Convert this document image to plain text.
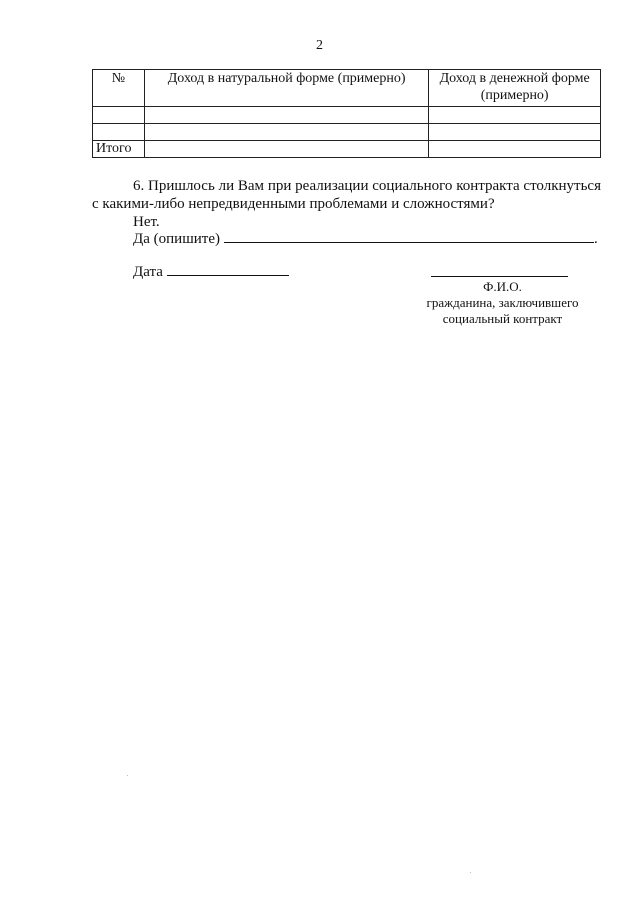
2
№	Доход в натуральной форме (примерно)	Доход в денежной форме (примерно)

Итого		
6. Пришлось ли Вам при реализации социального контракта столкнуться с какими-либо непредвиденными проблемами и сложностями?
Нет.
Да (опишите)	.
Дата
Ф.И.О.
гражданина, заключившего
социальный контракт
